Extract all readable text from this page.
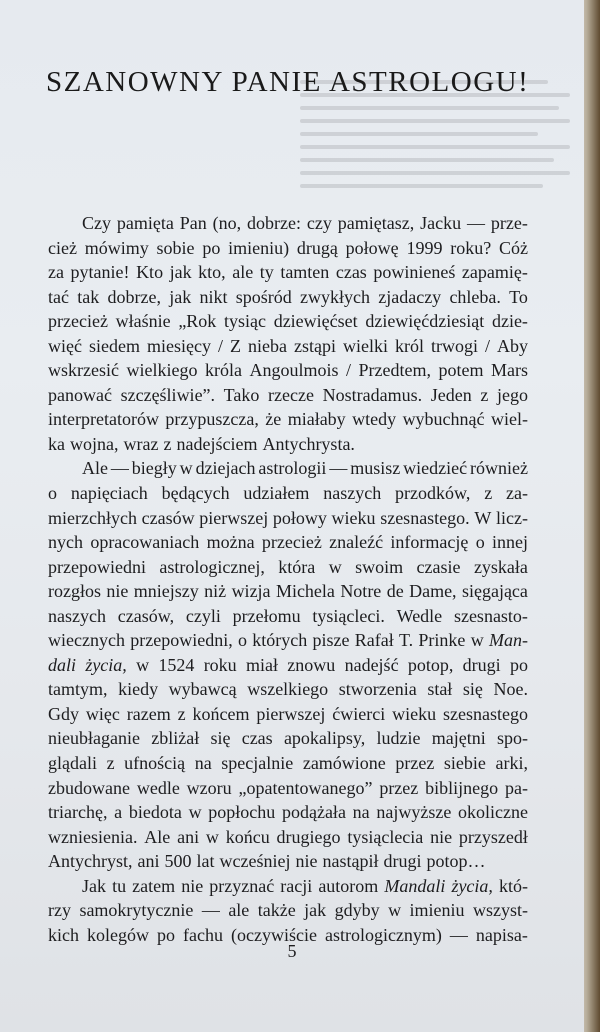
SZANOWNY PANIE ASTROLOGU!
Czy pamięta Pan (no, dobrze: czy pamiętasz, Jacku — prze-
cież mówimy sobie po imieniu) drugą połowę 1999 roku? Cóż
za pytanie! Kto jak kto, ale ty tamten czas powinieneś zapamię-
tać tak dobrze, jak nikt spośród zwykłych zjadaczy chleba. To
przecież właśnie „Rok tysiąc dziewięćset dziewięćdziesiąt dzie-
więć siedem miesięcy / Z nieba zstąpi wielki król trwogi / Aby
wskrzesić wielkiego króla Angoulmois / Przedtem, potem Mars
panować szczęśliwie”. Tako rzecze Nostradamus. Jeden z jego
interpretatorów przypuszcza, że miałaby wtedy wybuchnąć wiel-
ka wojna, wraz z nadejściem Antychrysta.
Ale — biegły w dziejach astrologii — musisz wiedzieć również
o napięciach będących udziałem naszych przodków, z za-
mierzchłych czasów pierwszej połowy wieku szesnastego. W licz-
nych opracowaniach można przecież znaleźć informację o innej
przepowiedni astrologicznej, która w swoim czasie zyskała
rozgłos nie mniejszy niż wizja Michela Notre de Dame, sięgająca
naszych czasów, czyli przełomu tysiącleci. Wedle szesnasto-
wiecznych przepowiedni, o których pisze Rafał T. Prinke w Man-
dali życia, w 1524 roku miał znowu nadejść potop, drugi po
tamtym, kiedy wybawcą wszelkiego stworzenia stał się Noe.
Gdy więc razem z końcem pierwszej ćwierci wieku szesnastego
nieubłaganie zbliżał się czas apokalipsy, ludzie majętni spo-
glądali z ufnością na specjalnie zamówione przez siebie arki,
zbudowane wedle wzoru „opatentowanego” przez biblijnego pa-
triarchę, a biedota w popłochu podążała na najwyższe okoliczne
wzniesienia. Ale ani w końcu drugiego tysiąclecia nie przyszedł
Antychryst, ani 500 lat wcześniej nie nastąpił drugi potop…
Jak tu zatem nie przyznać racji autorom Mandali życia, któ-
rzy samokrytycznie — ale także jak gdyby w imieniu wszyst-
kich kolegów po fachu (oczywiście astrologicznym) — napisa-
5
